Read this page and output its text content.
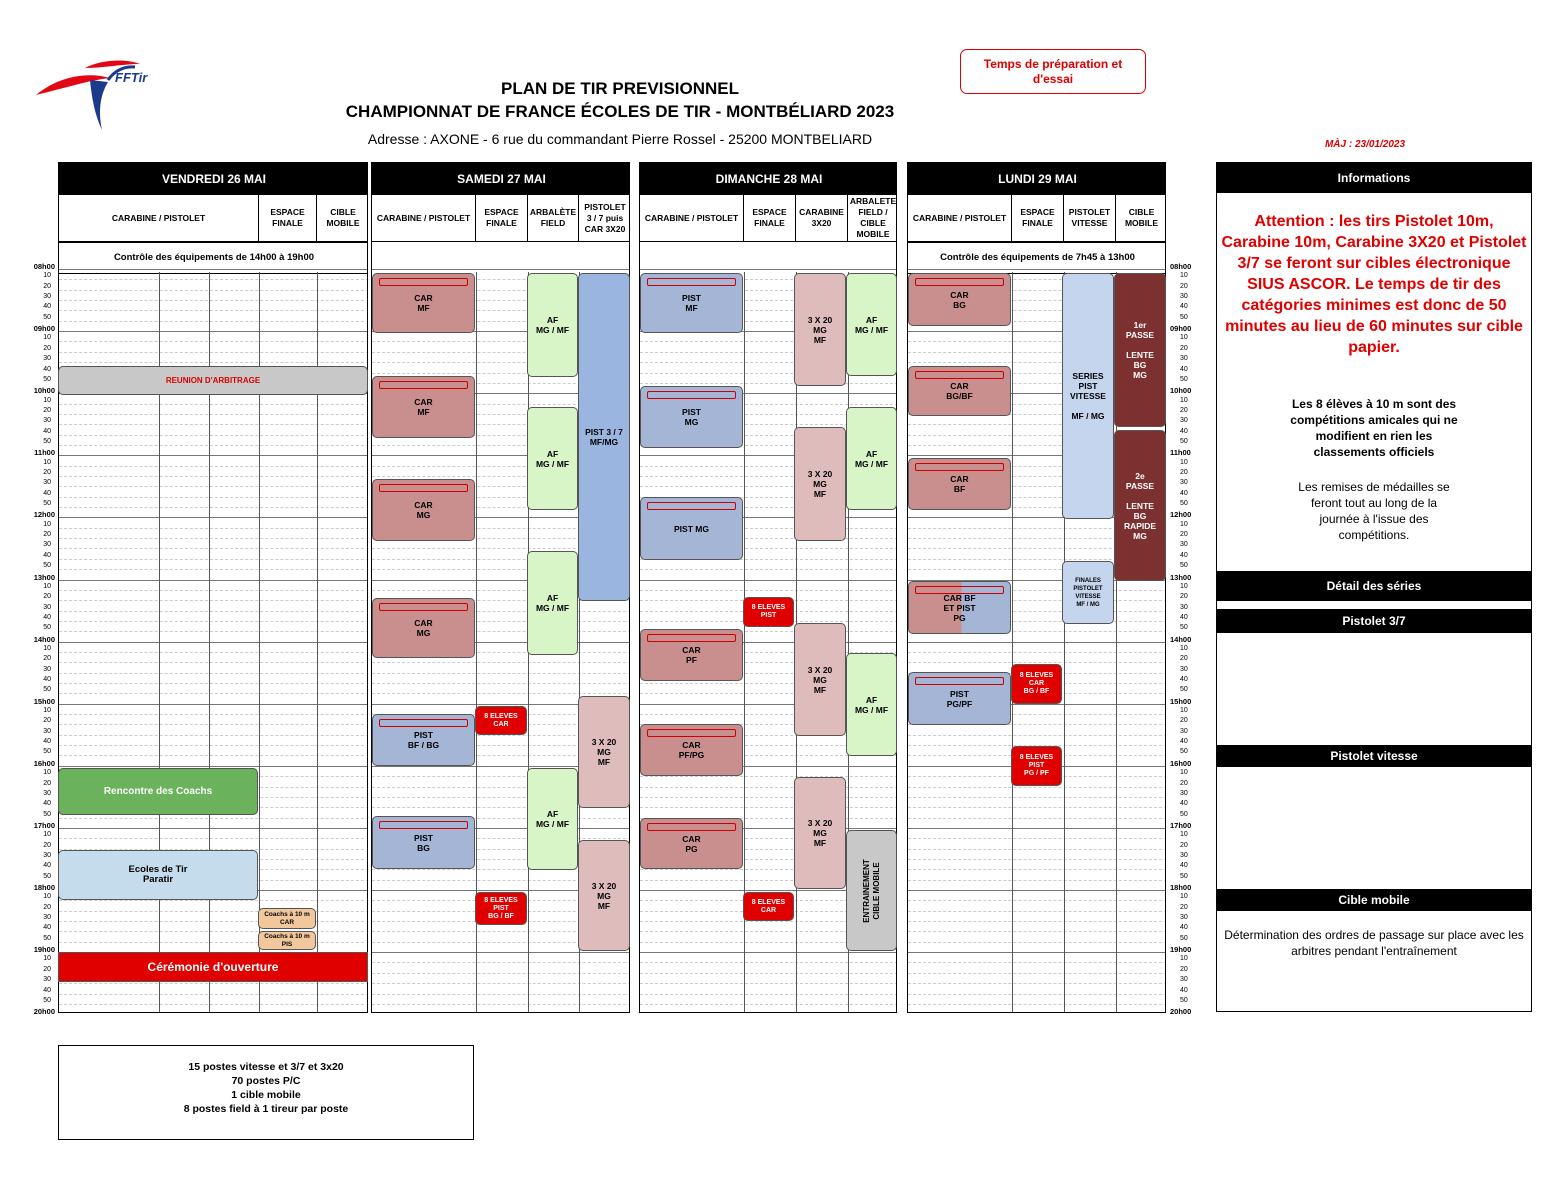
FFTir
PLAN DE TIR PREVISIONNEL
CHAMPIONNAT DE FRANCE ÉCOLES DE TIR - MONTBÉLIARD 2023
Adresse : AXONE - 6 rue du commandant Pierre Rossel - 25200 MONTBELIARD
Temps de préparation et d'essai
MÀJ : 23/01/2023
08h00
10
20
30
40
50
09h00
10
20
30
40
50
10h00
10
20
30
40
50
11h00
10
20
30
40
50
12h00
10
20
30
40
50
13h00
10
20
30
40
50
14h00
10
20
30
40
50
15h00
10
20
30
40
50
16h00
10
20
30
40
50
17h00
10
20
30
40
50
18h00
10
20
30
40
50
19h00
10
20
30
40
50
20h00
08h00
10
20
30
40
50
09h00
10
20
30
40
50
10h00
10
20
30
40
50
11h00
10
20
30
40
50
12h00
10
20
30
40
50
13h00
10
20
30
40
50
14h00
10
20
30
40
50
15h00
10
20
30
40
50
16h00
10
20
30
40
50
17h00
10
20
30
40
50
18h00
10
20
30
40
50
19h00
10
20
30
40
50
20h00
VENDREDI 26 MAI
CARABINE / PISTOLET
ESPACE FINALE
CIBLE MOBILE
Contrôle des équipements de 14h00 à 19h00
SAMEDI 27 MAI
CARABINE / PISTOLET
ESPACE FINALE
ARBALÈTE FIELD
PISTOLET 3 / 7 puis CAR 3X20
DIMANCHE 28 MAI
CARABINE / PISTOLET
ESPACE FINALE
CARABINE 3X20
ARBALETE FIELD / CIBLE MOBILE
LUNDI 29 MAI
CARABINE / PISTOLET
ESPACE FINALE
PISTOLET VITESSE
CIBLE MOBILE
Contrôle des équipements de 7h45 à 13h00
REUNION D'ARBITRAGE
Rencontre des Coachs
Ecoles de Tir
Paratir
Coachs à 10 m
CAR
Coachs à 10 m
PIS
Cérémonie d'ouverture
CAR
MF
CAR
MF
CAR
MG
CAR
MG
PIST
BF / BG
PIST
BG
8 ELEVES
CAR
8 ELEVES
PIST
BG / BF
AF
MG / MF
AF
MG / MF
AF
MG / MF
AF
MG / MF
PIST 3 / 7
MF/MG
3 X 20
MG
MF
3 X 20
MG
MF
PIST
MF
PIST
MG
PIST MG
CAR
PF
CAR
PF/PG
CAR
PG
8 ELEVES
PIST
8 ELEVES
CAR
3 X 20
MG
MF
3 X 20
MG
MF
3 X 20
MG
MF
3 X 20
MG
MF
AF
MG / MF
AF
MG / MF
AF
MG / MF
ENTRAINEMENT
CIBLE MOBILE
CAR
BG
CAR
BG/BF
CAR
BF
CAR BF
ET PIST
PG
PIST
PG/PF
8 ELEVES
CAR
BG / BF
8 ELEVES
PIST
PG / PF
SERIES
PIST
VITESSE

MF / MG
FINALES
PISTOLET
VITESSE
MF / MG
1er
PASSE

LENTE
BG
MG
2e
PASSE

LENTE
BG
RAPIDE
MG
Informations
Attention : les tirs Pistolet 10m, Carabine 10m, Carabine 3X20 et Pistolet 3/7 se feront sur cibles électronique SIUS ASCOR. Le temps de tir des catégories minimes est donc de 50 minutes au lieu de 60 minutes sur cible papier.
Les 8 élèves à 10 m sont des compétitions amicales qui ne modifient en rien les classements officiels
Les remises de médailles se feront tout au long de la journée à l'issue des compétitions.
Détail des séries
Pistolet 3/7
Pistolet vitesse
Cible mobile
Détermination des ordres de passage sur place avec les arbitres pendant l'entraînement
15 postes vitesse et 3/7 et 3x20
70 postes P/C
1 cible mobile
8 postes field à 1 tireur par poste
